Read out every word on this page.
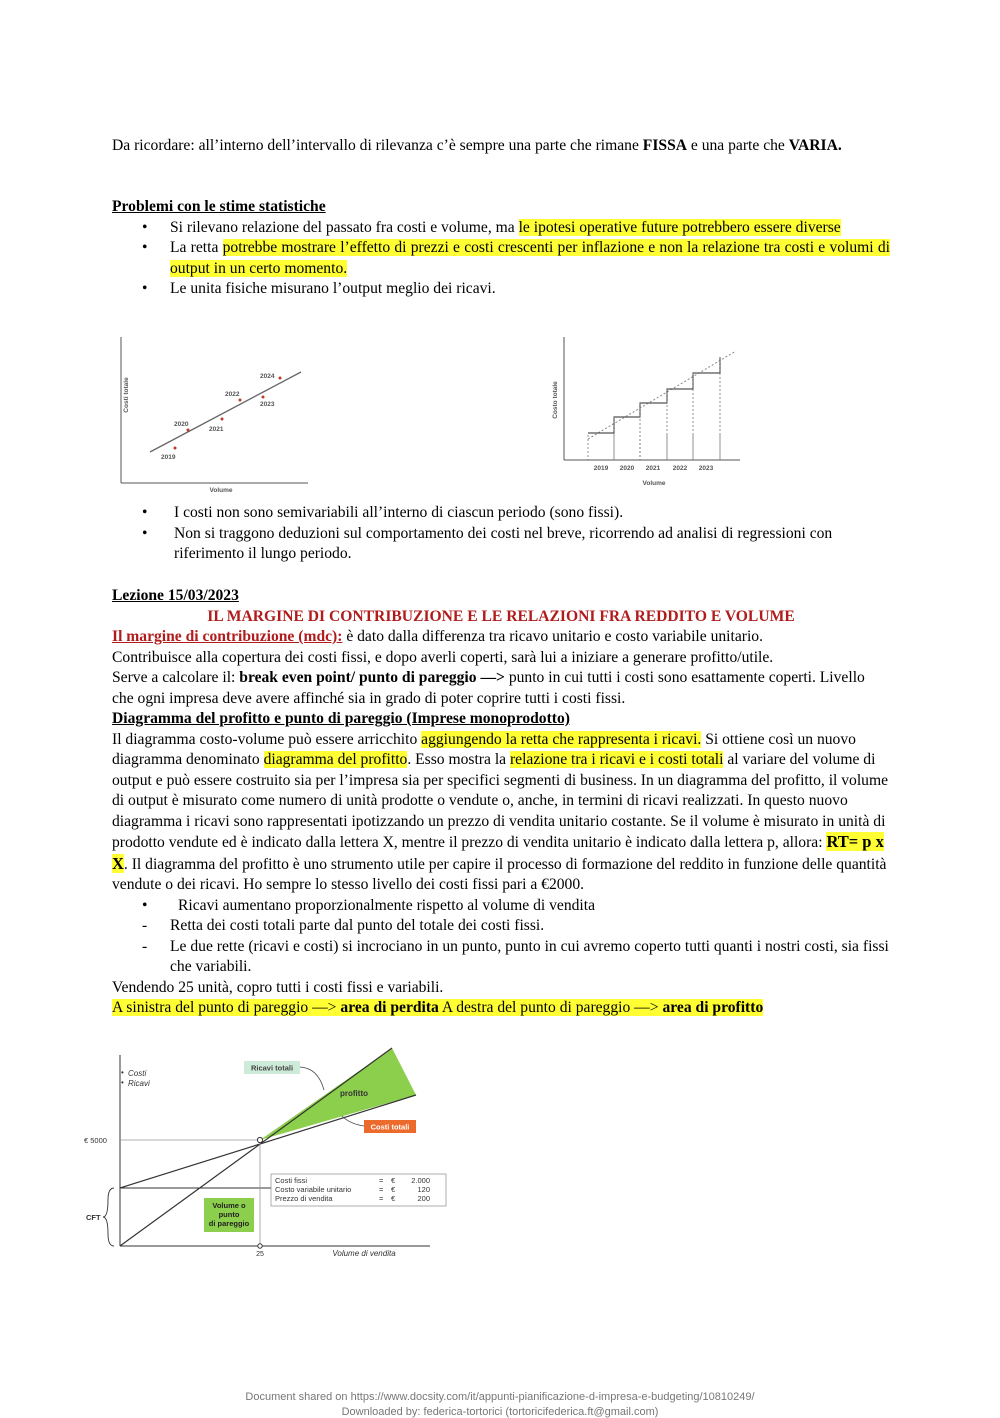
Da ricordare: all’interno dell’intervallo di rilevanza c’è sempre una parte che rimane FISSA e una parte che VARIA.

Problemi con le stime statistiche

• Si rilevano relazione del passato fra costi e volume, ma le ipotesi operative future potrebbero essere diverse
• La retta potrebbe mostrare l’effetto di prezzi e costi crescenti per inflazione e non la relazione tra costi e volumi di output in un certo momento.
• Le unita fisiche misurano l’output meglio dei ricavi.
Costi totale
Volume
2019
2020
2021
2022
2023
2024
Costo totale
Volume
2019 2020 2021 2022 2023
• I costi non sono semivariabili all’interno di ciascun periodo (sono fissi).
• Non si traggono deduzioni sul comportamento dei costi nel breve, ricorrendo ad analisi di regressioni con riferimento il lungo periodo.

Lezione 15/03/2023

IL MARGINE DI CONTRIBUZIONE E LE RELAZIONI FRA REDDITO E VOLUME

Il margine di contribuzione (mdc): è dato dalla differenza tra ricavo unitario e costo variabile unitario.

Contribuisce alla copertura dei costi fissi, e dopo averli coperti, sarà lui a iniziare a generare profitto/utile.

Serve a calcolare il: break even point/ punto di pareggio —> punto in cui tutti i costi sono esattamente coperti. Livello che ogni impresa deve avere affinché sia in grado di poter coprire tutti i costi fissi.

Diagramma del profitto e punto di pareggio (Imprese monoprodotto)

Il diagramma costo-volume può essere arricchito aggiungendo la retta che rappresenta i ricavi. Si ottiene così un nuovo diagramma denominato diagramma del profitto. Esso mostra la relazione tra i ricavi e i costi totali al variare del volume di output e può essere costruito sia per l’impresa sia per specifici segmenti di business. In un diagramma del profitto, il volume di output è misurato come numero di unità prodotte o vendute o, anche, in termini di ricavi realizzati. In questo nuovo diagramma i ricavi sono rappresentati ipotizzando un prezzo di vendita unitario costante. Se il volume è misurato in unità di prodotto vendute ed è indicato dalla lettera X, mentre il prezzo di vendita unitario è indicato dalla lettera p, allora: RT= p x X. Il diagramma del profitto è uno strumento utile per capire il processo di formazione del reddito in funzione delle quantità vendute o dei ricavi. Ho sempre lo stesso livello dei costi fissi pari a €2000.

• Ricavi aumentano proporzionalmente rispetto al volume di vendita
- Retta dei costi totali parte dal punto del totale dei costi fissi.
- Le due rette (ricavi e costi) si incrociano in un punto, punto in cui avremo coperto tutti quanti i nostri costi, sia fissi che variabili.

Vendendo 25 unità, copro tutti i costi fissi e variabili.

A sinistra del punto di pareggio —> area di perdita A destra del punto di pareggio —> area di profitto

• Costi
• Ricavi
€ 5000
CFT
25	Volume di vendita
Ricavi totali
profitto
Costi totali
Volume o
punto
di pareggio
Costi fissi	= € 2.000
Costo variabile unitario	= €	120
Prezzo di vendita	= €	200
Document shared on https://www.docsity.com/it/appunti-pianificazione-d-impresa-e-budgeting/10810249/
Downloaded by: federica-tortorici (tortoricifederica.ft@gmail.com)
